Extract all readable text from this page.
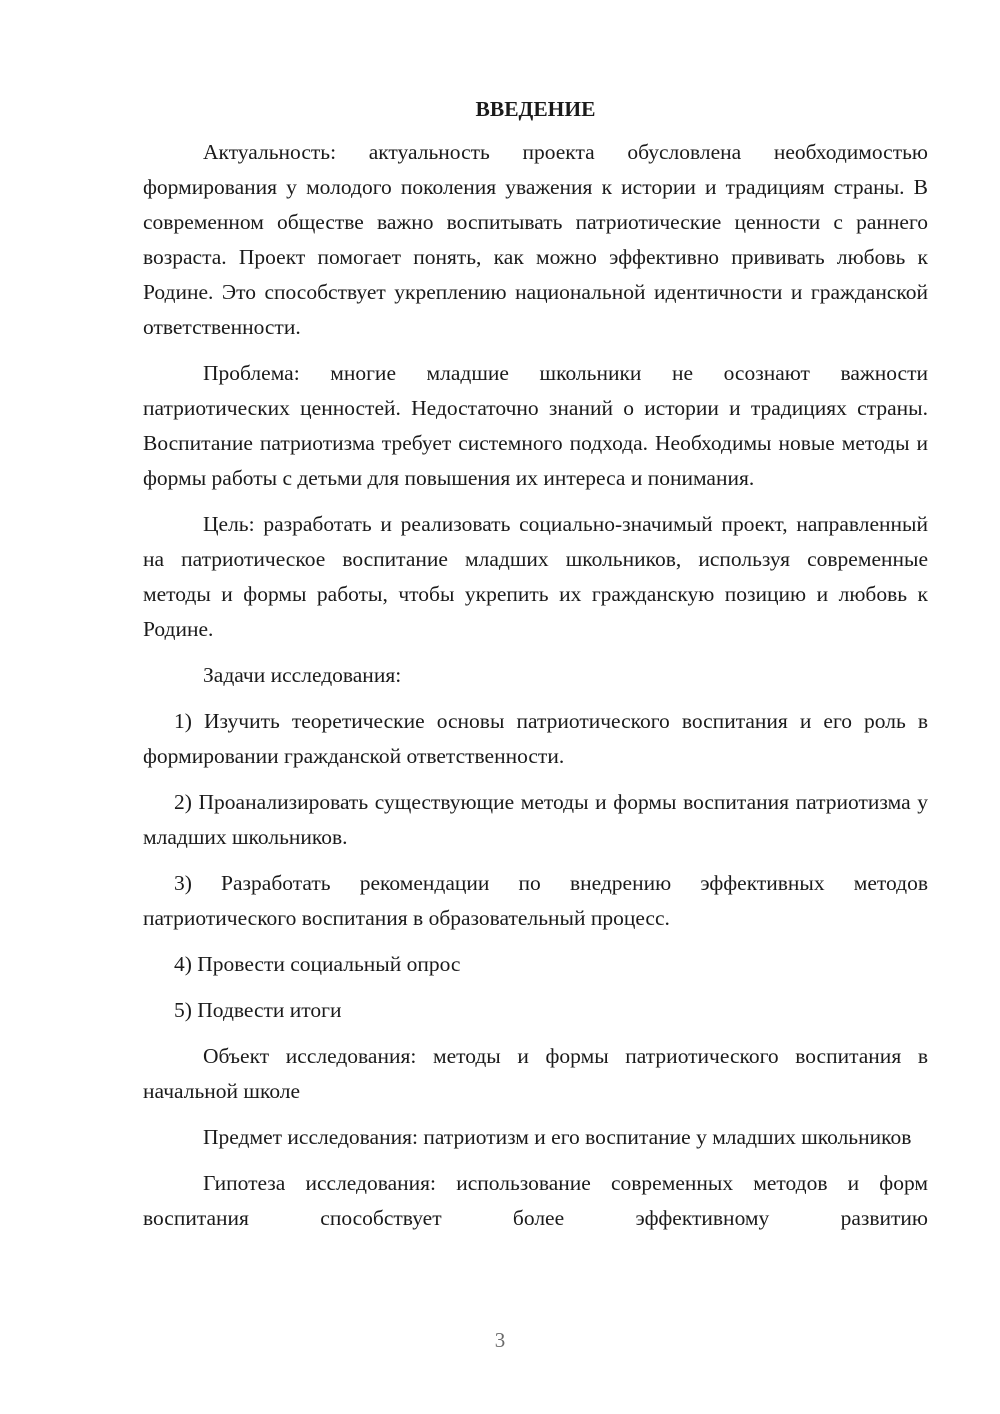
ВВЕДЕНИЕ

Актуальность: актуальность проекта обусловлена необходимостью формирования у молодого поколения уважения к истории и традициям страны. В современном обществе важно воспитывать патриотические ценности с раннего возраста. Проект помогает понять, как можно эффективно прививать любовь к Родине. Это способствует укреплению национальной идентичности и гражданской ответственности.

Проблема: многие младшие школьники не осознают важности патриотических ценностей. Недостаточно знаний о истории и традициях страны. Воспитание патриотизма требует системного подхода. Необходимы новые методы и формы работы с детьми для повышения их интереса и понимания.

Цель: разработать и реализовать социально-значимый проект, направленный на патриотическое воспитание младших школьников, используя современные методы и формы работы, чтобы укрепить их гражданскую позицию и любовь к Родине.

Задачи исследования:

1) Изучить теоретические основы патриотического воспитания и его роль в формировании гражданской ответственности.

2) Проанализировать существующие методы и формы воспитания патриотизма у младших школьников.

3) Разработать рекомендации по внедрению эффективных методов патриотического воспитания в образовательный процесс.

4) Провести социальный опрос

5) Подвести итоги

Объект исследования: методы и формы патриотического воспитания в начальной школе

Предмет исследования: патриотизм и его воспитание у младших школьников

Гипотеза исследования: использование современных методов и форм воспитания способствует более эффективному развитию

3
